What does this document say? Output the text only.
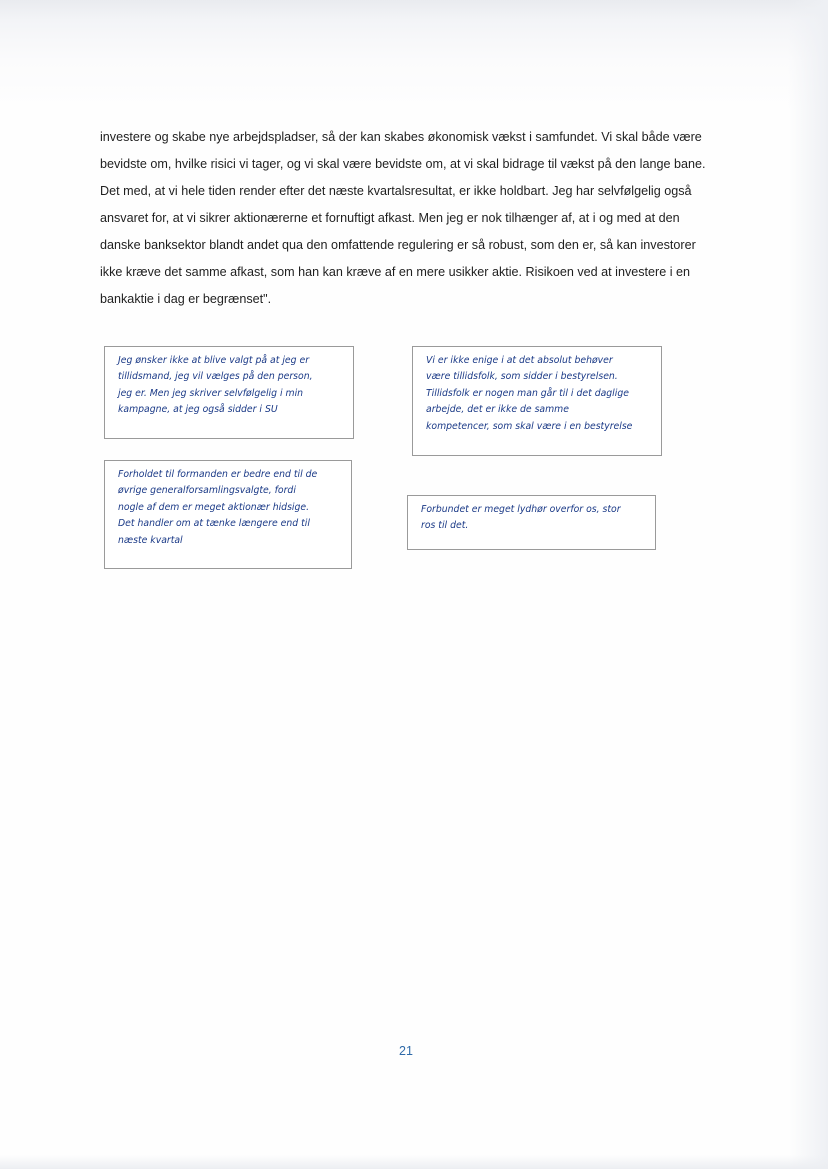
investere og skabe nye arbejdspladser, så der kan skabes økonomisk vækst i samfundet. Vi skal både være
bevidste om, hvilke risici vi tager, og vi skal være bevidste om, at vi skal bidrage til vækst på den lange bane.
Det med, at vi hele tiden render efter det næste kvartalsresultat, er ikke holdbart. Jeg har selvfølgelig også
ansvaret for, at vi sikrer aktionærerne et fornuftigt afkast. Men jeg er nok tilhænger af, at i og med at den
danske banksektor blandt andet qua den omfattende regulering er så robust, som den er, så kan investorer
ikke kræve det samme afkast, som han kan kræve af en mere usikker aktie. Risikoen ved at investere i en
bankaktie i dag er begrænset".

Jeg ønsker ikke at blive valgt på at jeg er

tillidsmand, jeg vil vælges på den person,

jeg er. Men jeg skriver selvfølgelig i min

kampagne, at jeg også sidder i SU

Vi er ikke enige i at det absolut behøver

være tillidsfolk, som sidder i bestyrelsen.

Tillidsfolk er nogen man går til i det daglige

arbejde, det er ikke de samme

kompetencer, som skal være i en bestyrelse

Forholdet til formanden er bedre end til de

øvrige generalforsamlingsvalgte, fordi

nogle af dem er meget aktionær hidsige.

Det handler om at tænke længere end til

næste kvartal

Forbundet er meget lydhør overfor os, stor

ros til det.

21
